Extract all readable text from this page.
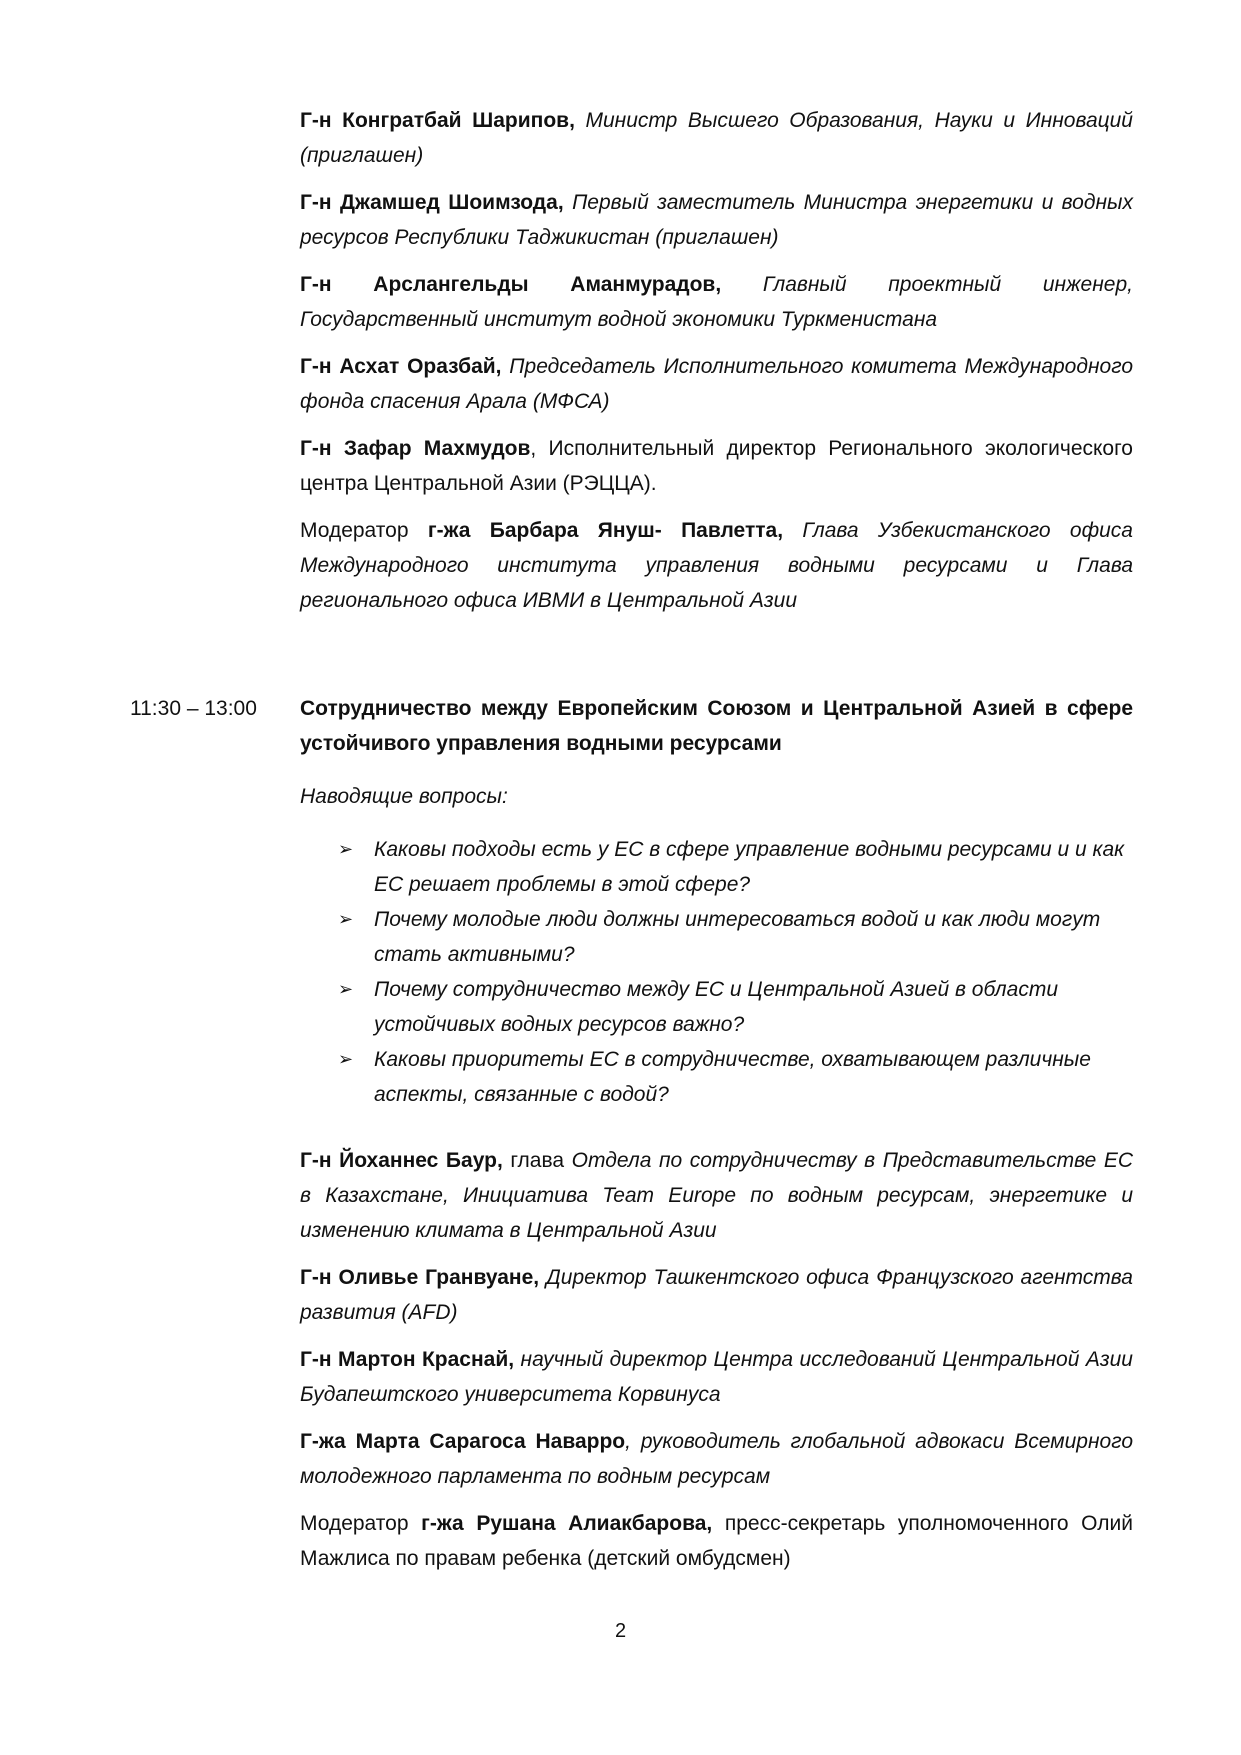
Г-н Конгратбай Шарипов, Министр Высшего Образования, Науки и Инноваций (приглашен)

Г-н Джамшед Шоимзода, Первый заместитель Министра энергетики и водных ресурсов Республики Таджикистан (приглашен)

Г-н Арслангельды Аманмурадов, Главный проектный инженер, Государственный институт водной экономики Туркменистана

Г-н Асхат Оразбай, Председатель Исполнительного комитета Международного фонда спасения Арала (МФСА)

Г-н Зафар Махмудов, Исполнительный директор Регионального экологического центра Центральной Азии (РЭЦЦА).

Модератор г-жа Барбара Януш- Павлетта, Глава Узбекистанского офиса Международного института управления водными ресурсами и Глава регионального офиса ИВМИ в Центральной Азии

11:30 – 13:00 Сотрудничество между Европейским Союзом и Центральной Азией в сфере устойчивого управления водными ресурсами

Наводящие вопросы:

➢ Каковы подходы есть у ЕС в сфере управление водными ресурсами и и как ЕС решает проблемы в этой сфере?
➢ Почему молодые люди должны интересоваться водой и как люди могут стать активными?
➢ Почему сотрудничество между ЕС и Центральной Азией в области устойчивых водных ресурсов важно?
➢ Каковы приоритеты ЕС в сотрудничестве, охватывающем различные аспекты, связанные с водой?

Г-н Йоханнес Баур, глава Отдела по сотрудничеству в Представительстве ЕС в Казахстане, Инициатива Team Europe по водным ресурсам, энергетике и изменению климата в Центральной Азии

Г-н Оливье Гранвуане, Директор Ташкентского офиса Французского агентства развития (AFD)

Г-н Мартон Краснай, научный директор Центра исследований Центральной Азии Будапештского университета Корвинуса

Г-жа Марта Сарагоса Наварро, руководитель глобальной адвокаси Всемирного молодежного парламента по водным ресурсам

Модератор г-жа Рушана Алиакбарова, пресс-секретарь уполномоченного Олий Мажлиса по правам ребенка (детский омбудсмен)

2
